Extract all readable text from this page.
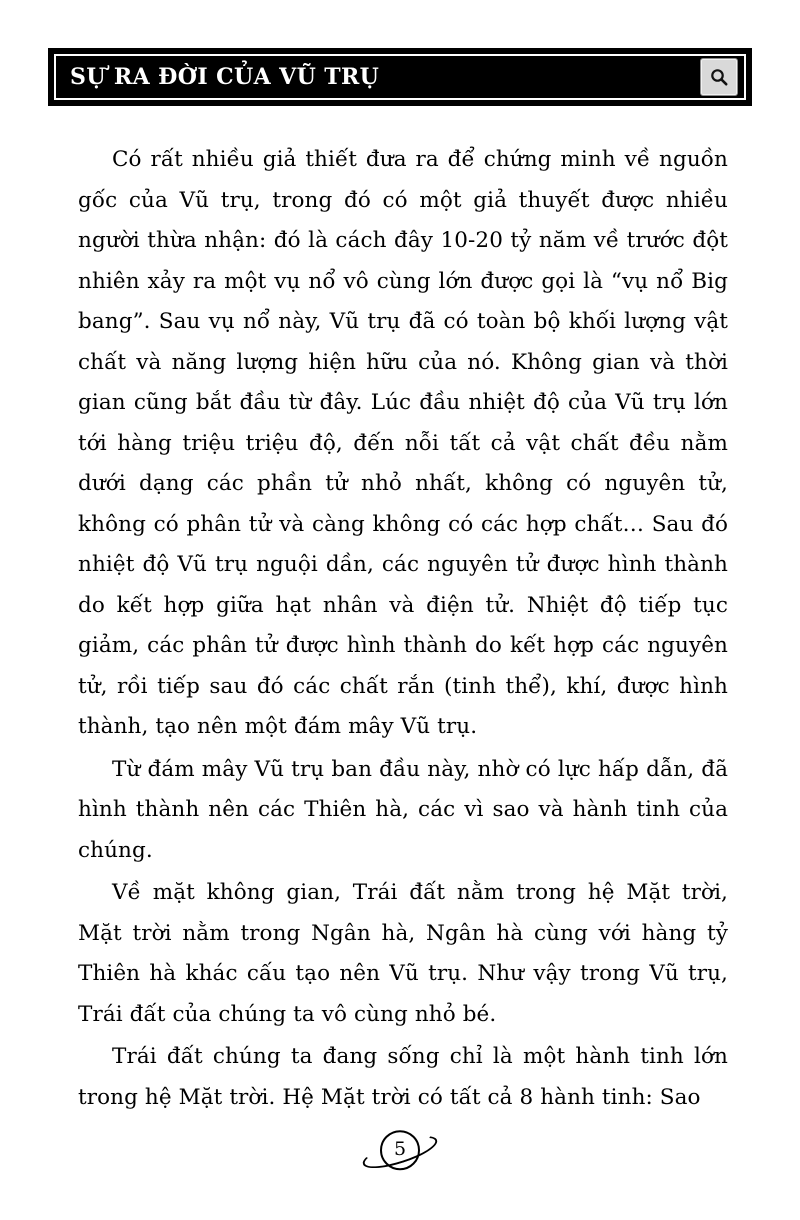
SỰ RA ĐỜI CỦA VŨ TRỤ

Có rất nhiều giả thiết đưa ra để chứng minh về nguồn gốc của Vũ trụ, trong đó có một giả thuyết được nhiều người thừa nhận: đó là cách đây 10-20 tỷ năm về trước đột nhiên xảy ra một vụ nổ vô cùng lớn được gọi là “vụ nổ Big bang”. Sau vụ nổ này, Vũ trụ đã có toàn bộ khối lượng vật chất và năng lượng hiện hữu của nó. Không gian và thời gian cũng bắt đầu từ đây. Lúc đầu nhiệt độ của Vũ trụ lớn tới hàng triệu triệu độ, đến nỗi tất cả vật chất đều nằm dưới dạng các phần tử nhỏ nhất, không có nguyên tử, không có phân tử và càng không có các hợp chất… Sau đó nhiệt độ Vũ trụ nguội dần, các nguyên tử được hình thành do kết hợp giữa hạt nhân và điện tử. Nhiệt độ tiếp tục giảm, các phân tử được hình thành do kết hợp các nguyên tử, rồi tiếp sau đó các chất rắn (tinh thể), khí, được hình thành, tạo nên một đám mây Vũ trụ.

Từ đám mây Vũ trụ ban đầu này, nhờ có lực hấp dẫn, đã hình thành nên các Thiên hà, các vì sao và hành tinh của chúng.

Về mặt không gian, Trái đất nằm trong hệ Mặt trời, Mặt trời nằm trong Ngân hà, Ngân hà cùng với hàng tỷ Thiên hà khác cấu tạo nên Vũ trụ. Như vậy trong Vũ trụ, Trái đất của chúng ta vô cùng nhỏ bé.

Trái đất chúng ta đang sống chỉ là một hành tinh lớn trong hệ Mặt trời. Hệ Mặt trời có tất cả 8 hành tinh: Sao

5
